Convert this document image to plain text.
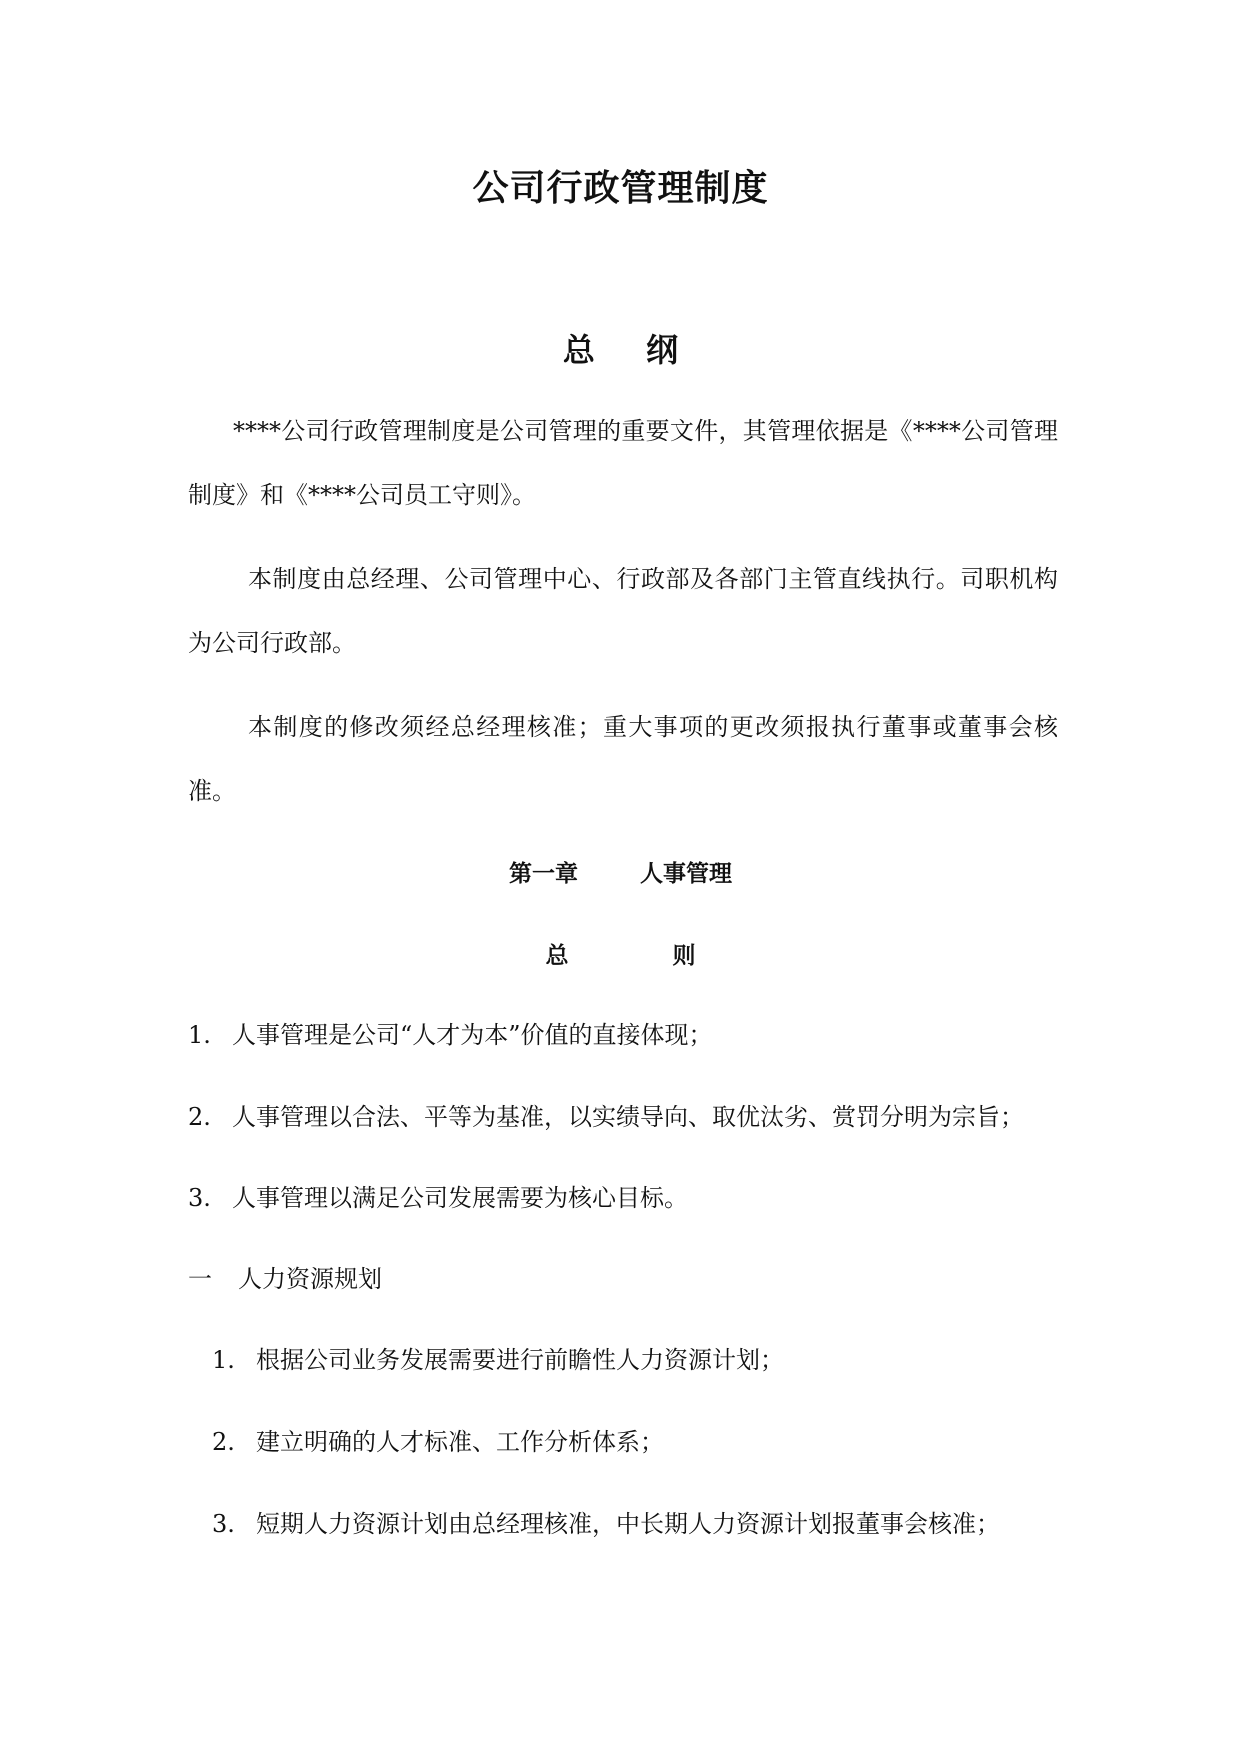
公司行政管理制度
总 纲
****公司行政管理制度是公司管理的重要文件，其管理依据是《****公司管理制度》和《****公司员工守则》。
本制度由总经理、公司管理中心、行政部及各部门主管直线执行。司职机构为公司行政部。
本制度的修改须经总经理核准；重大事项的更改须报执行董事或董事会核准。
第一章	人事管理
总	则
1. 人事管理是公司“人才为本”价值的直接体现；
2. 人事管理以合法、平等为基准，以实绩导向、取优汰劣、赏罚分明为宗旨；
3. 人事管理以满足公司发展需要为核心目标。
一 人力资源规划
1. 根据公司业务发展需要进行前瞻性人力资源计划；
2. 建立明确的人才标准、工作分析体系；
3. 短期人力资源计划由总经理核准，中长期人力资源计划报董事会核准；
